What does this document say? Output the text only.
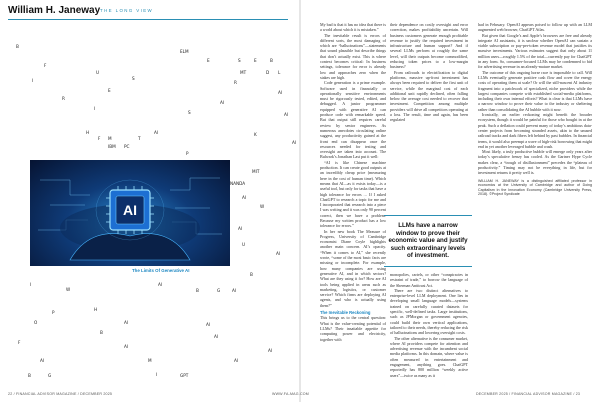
William H. Janeway THE LONG VIEW
B
ELM
E	S	E	B
F
MT	D L
I
U
S
R
E
R
AI
I
AI
S	AI
H
F M	T
AI	K
IBM PC
AI
P
MIT
NANDA
AI
W
AI
U
AI
B
I
W
AI
B	G	AI
P
H
O	AI	AI
B
AI
F
AI
AI
AI	M	AI
B	G	I	GPT
AI
The Limits Of Generative AI

My bad is that it has no idea that there is a world about which it is mistaken.”

The inevitable result is errors of different sorts, the most damaging of which are “hallucinations”—statements that sound plausible but describe things that don’t actually exist. This is where context becomes critical: In business settings, tolerance for error is already low and approaches zero when the stakes are high.

Code generation is a prime example. Software used in financially or operationally sensitive environments must be rigorously tested, edited, and debugged. A junior programmer equipped with generative AI can produce code with remarkable speed. But that output still requires careful review by senior engineers. As numerous anecdotes circulating online suggest, any productivity gained at the front end can disappear once the resources needed for testing and oversight are taken into account. The Bulwark’s Jonathan Last put it well:

“AI is like Chinese machine production. It can create good outputs at an incredibly cheap price (measuring here in the cost of human time). Which means that AI—as it exists today—is a useful tool, but only for tasks that have a high tolerance for errors … If I asked ChatGPT to research a topic for me and I incorporated that research into a piece I was writing and it was only 90 percent correct, then we have a problem. Because my written product has a low tolerance for errors.”

In her new book The Measure of Progress, University of Cambridge economist Diane Coyle highlights another main concern. AI’s opacity. “When it comes to AI,” she recently wrote, “some of the most basic facts are missing or incomplete. For example, how many companies are using generative AI, and in which sectors? What are they using it for? How are AI tools being applied in areas such as marketing, logistics, or customer service? Which firms are deploying AI agents, and who is actually using them?”

The Inevitable Reckoning

This brings us to the central question: What is the value-creating potential of LLMs? Their insatiable appetite for computing power and electricity, together with

their dependence on costly oversight and error correction, makes profitability uncertain. Will business customers generate enough profitable revenue to justify the required investment in infrastructure and human support? And if several LLMs perform at roughly the same level, will their outputs become commodified, reducing token prices to a low-margin business?

From railroads to electrification to digital platforms, massive up-front investment has always been required to deliver the first unit of service, while the marginal cost of each additional unit rapidly declined, often falling below the average cost needed to recover that investment. Competition among multiple providers will drive all competitors operating at a loss. The result, time and again, has been regulated

LLMs have a narrow window to prove their economic value and justify such extraordinary levels of investment.

monopolies, cartels, or other “conspiracies in restraint of trade,” to borrow the language of the Sherman Antitrust Act.

There are two distinct alternatives to enterprise-level LLM deployment. One lies in developing small language models—systems trained on carefully curated datasets for specific, well-defined tasks. Large institutions, such as JPMorgan or government agencies, could build their own vertical applications, tailored to their needs, thereby reducing the risk of hallucinations and lowering oversight costs.

The other alternative is the consumer market, where AI providers compete for attention and advertising revenue with the incumbent social media platforms. In this domain, where value is often measured in entertainment and engagement, anything goes. ChatGPT reportedly has 800 million “weekly active users”—twice as many as it

had in February. OpenAI appears poised to follow up with an LLM augmented web browser, ChatGPT Atlas.

But given that Google’s and Apple’s browsers are free and already integrate AI assistants, it is unclear whether OpenAI can sustain a viable subscription or pay-per-token revenue model that justifies its massive investments. Various estimates suggest that only about 11 million users—roughly 1.5% of the total—currently pay for ChatGPT in any form. So, consumer-focused LLMs may be condemned to bid for advertising revenue in an already-mature market.

The outcome of this ongoing horse race is impossible to call. Will LLMs eventually generate positive cash flow and cover the energy costs of operating them at scale? Or will the still-nascent AI industry fragment into a patchwork of specialized, niche providers while the largest companies compete with established social-media platforms, including their own internal efforts? What is clear is that LLMs have a narrow window to prove their value to the industry or sheltering rather than consolidating the AI bubble with it now.

Ironically, an earlier reckoning might benefit the broader ecosystem, though it would be painful for those who bought in at the peak. Such a deflation could prevent many of today’s ambitious data-center projects from becoming stranded assets, akin to the unused railroad tracks and dark fibers left behind by past bubbles. In financial terms, it would also preempt a wave of high-risk borrowing that might end in yet another leveraged bubble and crash.

Most likely, a truly productive bubble will emerge only years after today’s speculative frenzy has cooled. As the Gartner Hype Cycle makes clear, a “trough of disillusionment” precedes the “plateau of productivity.” Timing may not be everything in life, but for investment returns it pretty well is.

WILLIAM H. JANEWAY is a distinguished affiliated professor in economics at the University of Cambridge and author of Doing Capitalism in the Innovation Economy (Cambridge University Press, 2018). ©Project Syndicate

22 / FINANCIAL ADVISOR MAGAZINE / DECEMBER 2025	WWW.FA-MAG.COM	DECEMBER 2025 / FINANCIAL ADVISOR MAGAZINE / 23
